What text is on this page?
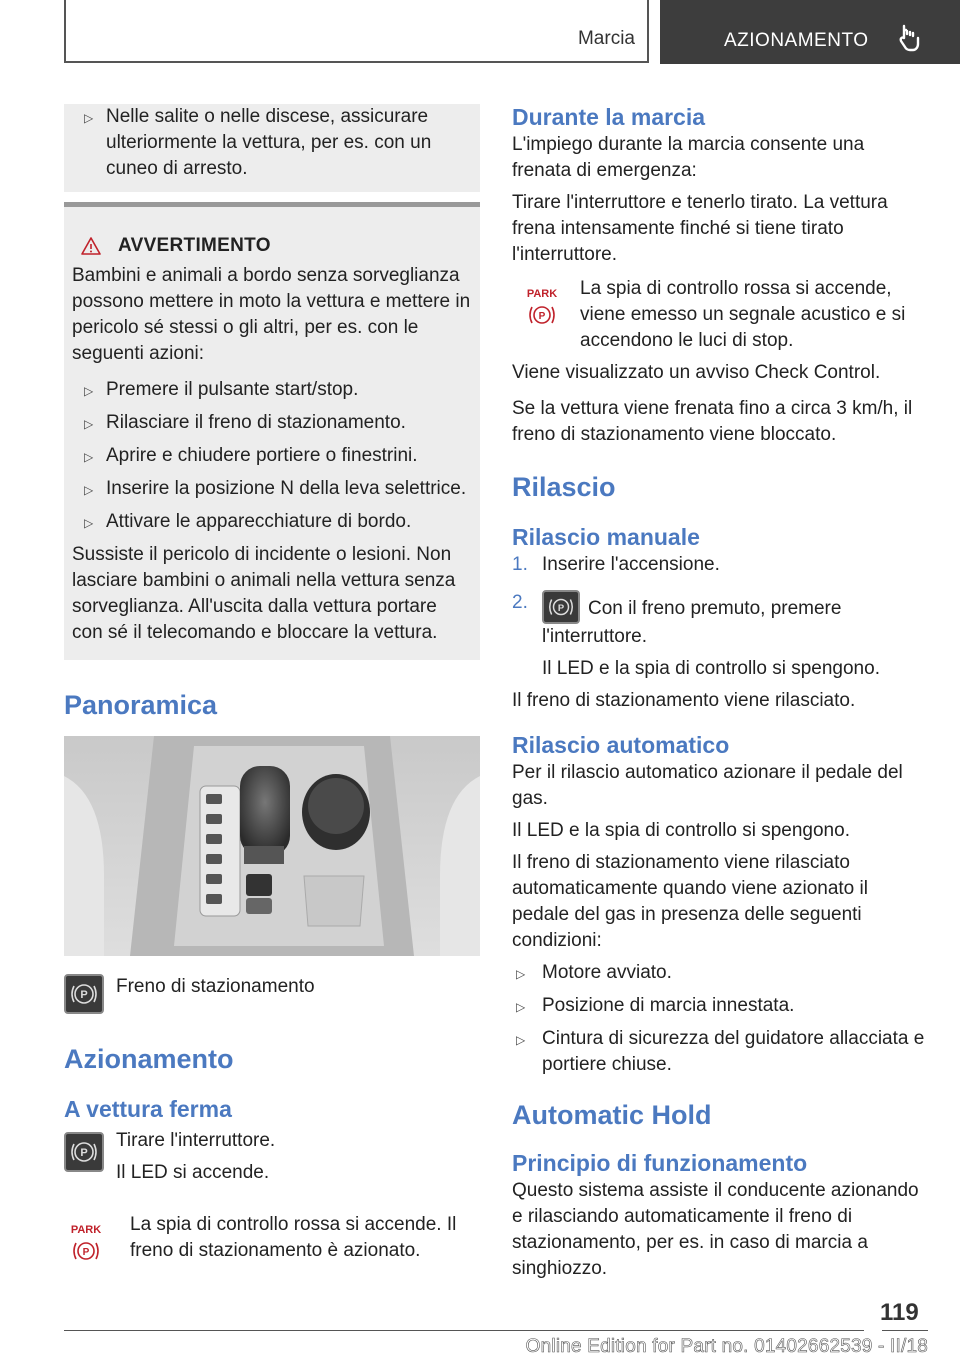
Marcia	AZIONAMENTO
▷ Nelle salite o nelle discese, assicurare ulteriormente la vettura, per es. con un cuneo di arresto.
AVVERTIMENTO

Bambini e animali a bordo senza sorveglianza possono mettere in moto la vettura e mettere in pericolo sé stessi o gli altri, per es. con le seguenti azioni:

▷ Premere il pulsante start/stop.
▷ Rilasciare il freno di stazionamento.
▷ Aprire e chiudere portiere o finestrini.
▷ Inserire la posizione N della leva selettrice.
▷ Attivare le apparecchiature di bordo.

Sussiste il pericolo di incidente o lesioni. Non lasciare bambini o animali nella vettura senza sorveglianza. All'uscita dalla vettura portare con sé il telecomando e bloccare la vettura.

Panoramica
P Freno di stazionamento
Azionamento
A vettura ferma
P

Tirare l'interruttore.

Il LED si accende.

PARK
P

La spia di controllo rossa si accende. Il freno di stazionamento è azionato.

Durante la marcia

L'impiego durante la marcia consente una frenata di emergenza:

Tirare l'interruttore e tenerlo tirato. La vettura frena intensamente finché si tiene tirato l'interruttore.

PARK
P

La spia di controllo rossa si accende, viene emesso un segnale acustico e si accendono le luci di stop.

Viene visualizzato un avviso Check Control.

Se la vettura viene frenata fino a circa 3 km/h, il freno di stazionamento viene bloccato.

Rilascio
Rilascio manuale
1. Inserire l'accensione.
2.	P Con il freno premuto, premere l'interruttore.

Il LED e la spia di controllo si spengono.

Il freno di stazionamento viene rilasciato.

Rilascio automatico

Per il rilascio automatico azionare il pedale del gas.

Il LED e la spia di controllo si spengono.

Il freno di stazionamento viene rilasciato automaticamente quando viene azionato il pedale del gas in presenza delle seguenti condizioni:

▷ Motore avviato.
▷ Posizione di marcia innestata.
▷ Cintura di sicurezza del guidatore allacciata e portiere chiuse.
Automatic Hold
Principio di funzionamento

Questo sistema assiste il conducente azionando e rilasciando automaticamente il freno di stazionamento, per es. in caso di marcia a singhiozzo.

119
Online Edition for Part no. 01402662539 - II/18
